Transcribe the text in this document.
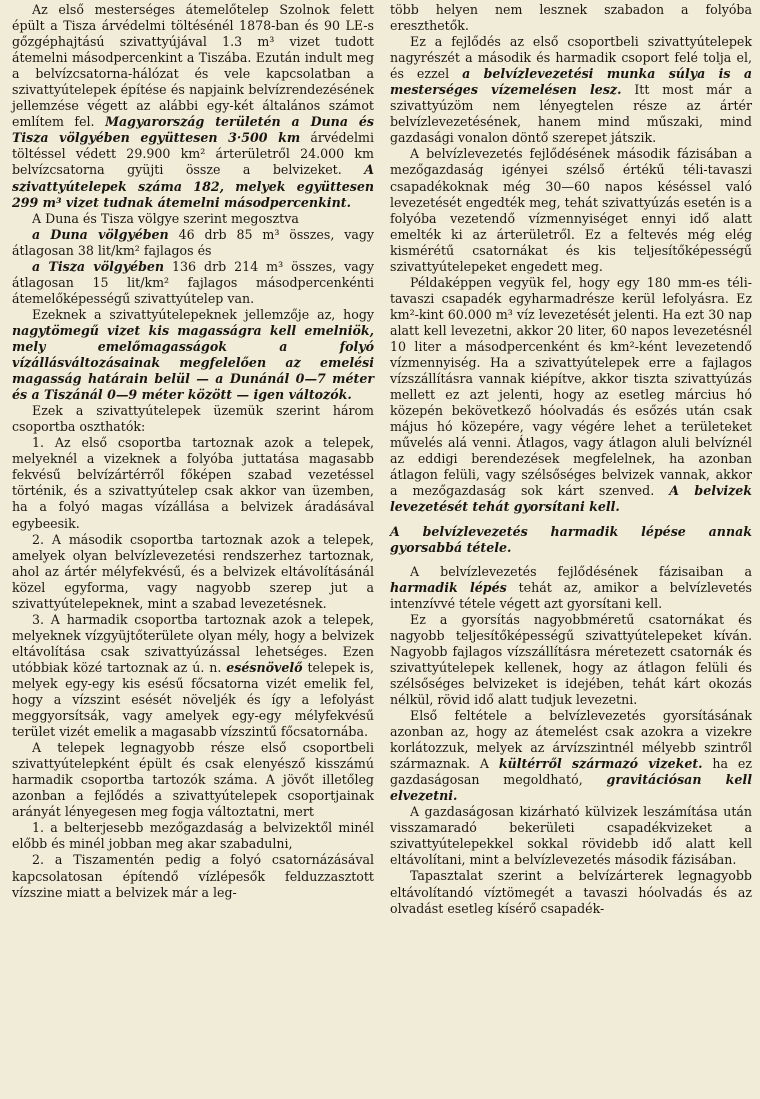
Az első mesterséges átemelőtelep Szolnok felett épült a Tisza árvédelmi töltésénél 1878-ban és 90 LE-s gőzgéphajtású szivattyújával 1.3 m³ vizet tudott átemelni másodpercenkint a Tiszába. Ezután indult meg a belvízcsatorna-hálózat és vele kapcsolatban a szivattyútelepek építése és napjaink belvízrendezésének jellemzése végett az alábbi egy-két általános számot említem fel. Magyarország területén a Duna és Tisza völgyében együttesen 3·500 km árvédelmi töltéssel védett 29.900 km² árterületről 24.000 km belvízcsatorna gyüjti össze a belvizeket. A szivattyútelepek száma 182, melyek együttesen 299 m³ vizet tudnak átemelni másodpercenkint.

A Duna és Tisza völgye szerint megosztva

a Duna völgyében 46 drb 85 m³ összes, vagy átlagosan 38 lit/km² fajlagos és

a Tisza völgyében 136 drb 214 m³ összes, vagy átlagosan 15 lit/km² fajlagos másodpercenkénti átemelőképességű szivattyútelep van.

Ezeknek a szivattyútelepeknek jellemzője az, hogy nagytömegű vizet kis magasságra kell emelniök, mely emelőmagasságok a folyó vízállásváltozásainak megfelelően az emelési magasság határain belül — a Dunánál 0—7 méter és a Tiszánál 0—9 méter között — igen változók.

Ezek a szivattyútelepek üzemük szerint három csoportba oszthatók:

1. Az első csoportba tartoznak azok a telepek, melyeknél a vizeknek a folyóba juttatása magasabb fekvésű belvízártérről főképen szabad vezetéssel történik, és a szivattyútelep csak akkor van üzemben, ha a folyó magas vízállása a belvizek áradásával egybeesik.

2. A második csoportba tartoznak azok a telepek, amelyek olyan belvízlevezetési rendszerhez tartoznak, ahol az ártér mélyfekvésű, és a belvizek eltávolításánál közel egyforma, vagy nagyobb szerep jut a szivattyútelepeknek, mint a szabad levezetésnek.

3. A harmadik csoportba tartoznak azok a telepek, melyeknek vízgyüjtőterülete olyan mély, hogy a belvizek eltávolítása csak szivattyúzással lehetséges. Ezen utóbbiak közé tartoznak az ú. n. esésnövelő telepek is, melyek egy-egy kis esésű főcsatorna vizét emelik fel, hogy a vízszint esését növeljék és így a lefolyást meggyorsítsák, vagy amelyek egy-egy mélyfekvésű terület vizét emelik a magasabb vízszintű főcsatornába.

A telepek legnagyobb része első csoportbeli szivattyútelepként épült és csak elenyésző kisszámú harmadik csoportba tartozók száma. A jövőt illetőleg azonban a fejlődés a szivattyútelepek csoportjainak arányát lényegesen meg fogja változtatni, mert

1. a belterjesebb mezőgazdaság a belvizektől minél előbb és minél jobban meg akar szabadulni,

2. a Tiszamentén pedig a folyó csatornázásával kapcsolatosan építendő vízlépesők felduzzasztott vízszine miatt a belvizek már a leg-

több helyen nem lesznek szabadon a folyóba ereszthetők.

Ez a fejlődés az első csoportbeli szivattyútelepek nagyrészét a második és harmadik csoport felé tolja el, és ezzel a belvízlevezetési munka súlya is a mesterséges vízemelésen lesz. Itt most már a szivattyúzöm nem lényegtelen része az ártér belvízlevezetésének, hanem mind műszaki, mind gazdasági vonalon döntő szerepet játszik.

A belvízlevezetés fejlődésének második fázisában a mezőgazdaság igényei szélső értékű téli-tavaszi csapadékoknak még 30—60 napos késéssel való levezetését engedték meg, tehát szivattyúzás esetén is a folyóba vezetendő vízmennyiséget ennyi idő alatt emelték ki az árterületről. Ez a feltevés még elég kismérétű csatornákat és kis teljesítőképességű szivattyútelepeket engedett meg.

Példaképpen vegyük fel, hogy egy 180 mm-es téli-tavaszi csapadék egyharmadrésze kerül lefolyásra. Ez km²-kint 60.000 m³ víz levezetését jelenti. Ha ezt 30 nap alatt kell levezetni, akkor 20 liter, 60 napos levezetésnél 10 liter a másodpercenként és km²-ként levezetendő vízmennyiség. Ha a szivattyútelepek erre a fajlagos vízszállításra vannak kiépítve, akkor tiszta szivattyúzás mellett ez azt jelenti, hogy az esetleg március hó közepén bekövetkező hóolvadás és esőzés után csak május hó közepére, vagy végére lehet a területeket művelés alá venni. Átlagos, vagy átlagon aluli belvíznél az eddigi berendezések megfelelnek, ha azonban átlagon felüli, vagy szélsőséges belvizek vannak, akkor a mezőgazdaság sok kárt szenved. A belvizek levezetését tehát gyorsítani kell.

A belvízlevezetés harmadik lépése annak gyorsabbá tétele.

A belvízlevezetés fejlődésének fázisaiban a harmadik lépés tehát az, amikor a belvízlevetés intenzívvé tétele végett azt gyorsítani kell.

Ez a gyorsítás nagyobbméretű csatornákat és nagyobb teljesítőképességű szivattyútelepeket kíván. Nagyobb fajlagos vízszállításra méretezett csatornák és szivattyútelepek kellenek, hogy az átlagon felüli és szélsőséges belvizeket is idejében, tehát kárt okozás nélkül, rövid idő alatt tudjuk levezetni.

Első feltétele a belvízlevezetés gyorsításának azonban az, hogy az átemelést csak azokra a vizekre korlátozzuk, melyek az árvízszintnél mélyebb szintről származnak. A kültérről származó vizeket. ha ez gazdaságosan megoldható, gravitációsan kell elvezetni.

A gazdaságosan kizárható külvizek leszámítása után visszamaradó bekerületi csapadékvizeket a szivattyútelepekkel sokkal rövidebb idő alatt kell eltávolítani, mint a belvízlevezetés második fázisában.

Tapasztalat szerint a belvízárterek legnagyobb eltávolítandó víztömegét a tavaszi hóolvadás és az olvadást esetleg kísérő csapadék-
